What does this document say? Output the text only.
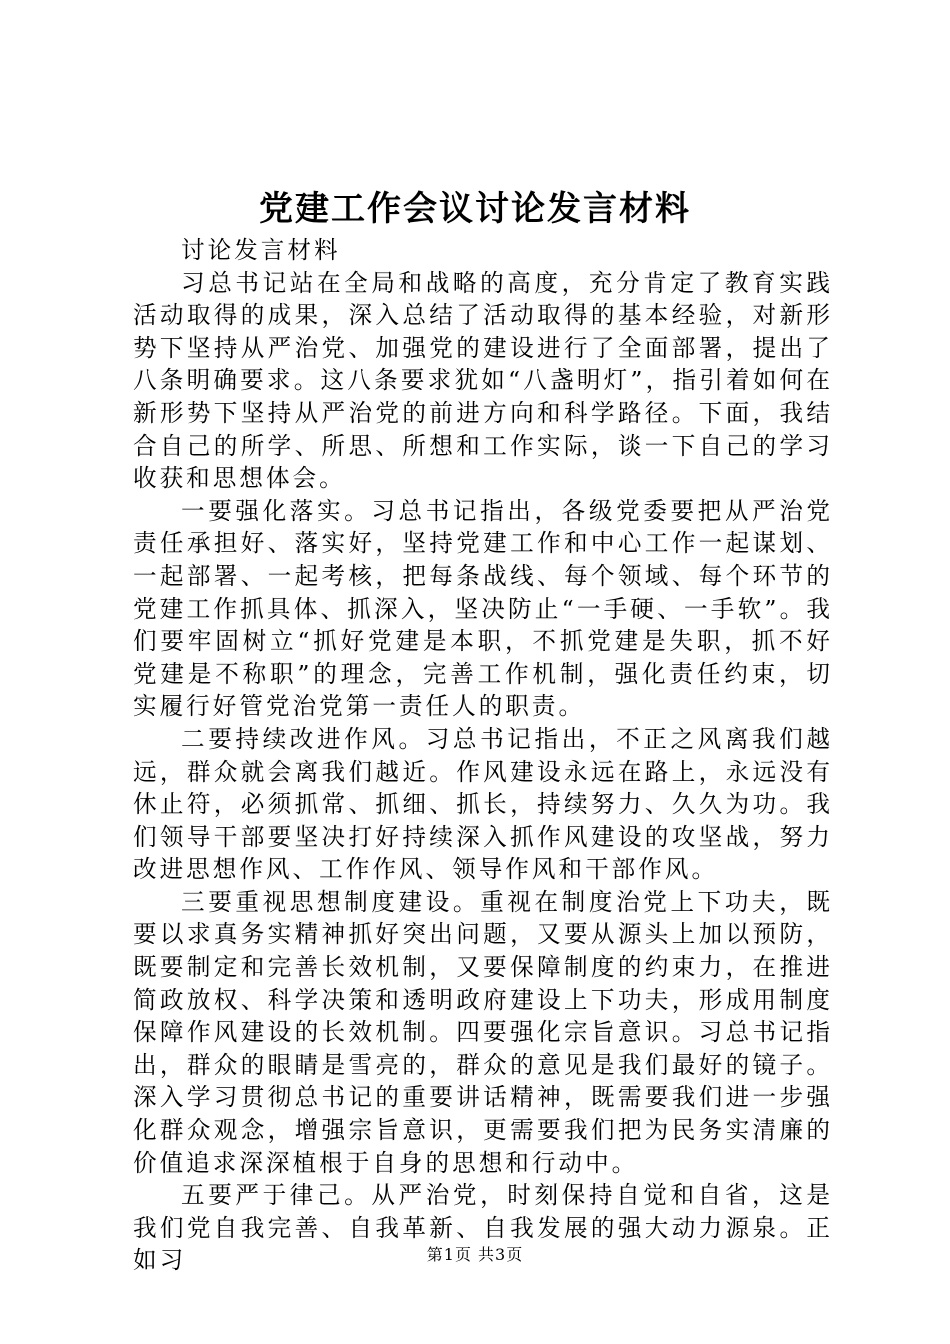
党建工作会议讨论发言材料

讨论发言材料

习总书记站在全局和战略的高度，充分肯定了教育实践活动取得的成果，深入总结了活动取得的基本经验，对新形势下坚持从严治党、加强党的建设进行了全面部署，提出了八条明确要求。这八条要求犹如“八盏明灯”，指引着如何在新形势下坚持从严治党的前进方向和科学路径。下面，我结合自己的所学、所思、所想和工作实际，谈一下自己的学习收获和思想体会。

一要强化落实。习总书记指出，各级党委要把从严治党责任承担好、落实好，坚持党建工作和中心工作一起谋划、一起部署、一起考核，把每条战线、每个领域、每个环节的党建工作抓具体、抓深入，坚决防止“一手硬、一手软”。我们要牢固树立“抓好党建是本职，不抓党建是失职，抓不好党建是不称职”的理念，完善工作机制，强化责任约束，切实履行好管党治党第一责任人的职责。

二要持续改进作风。习总书记指出，不正之风离我们越远，群众就会离我们越近。作风建设永远在路上，永远没有休止符，必须抓常、抓细、抓长，持续努力、久久为功。我们领导干部要坚决打好持续深入抓作风建设的攻坚战，努力改进思想作风、工作作风、领导作风和干部作风。

三要重视思想制度建设。重视在制度治党上下功夫，既要以求真务实精神抓好突出问题，又要从源头上加以预防，既要制定和完善长效机制，又要保障制度的约束力，在推进简政放权、科学决策和透明政府建设上下功夫，形成用制度保障作风建设的长效机制。四要强化宗旨意识。习总书记指出，群众的眼睛是雪亮的，群众的意见是我们最好的镜子。深入学习贯彻总书记的重要讲话精神，既需要我们进一步强化群众观念，增强宗旨意识，更需要我们把为民务实清廉的价值追求深深植根于自身的思想和行动中。

五要严于律己。从严治党，时刻保持自觉和自省，这是我们党自我完善、自我革新、自我发展的强大动力源泉。正如习	第1页 共3页
